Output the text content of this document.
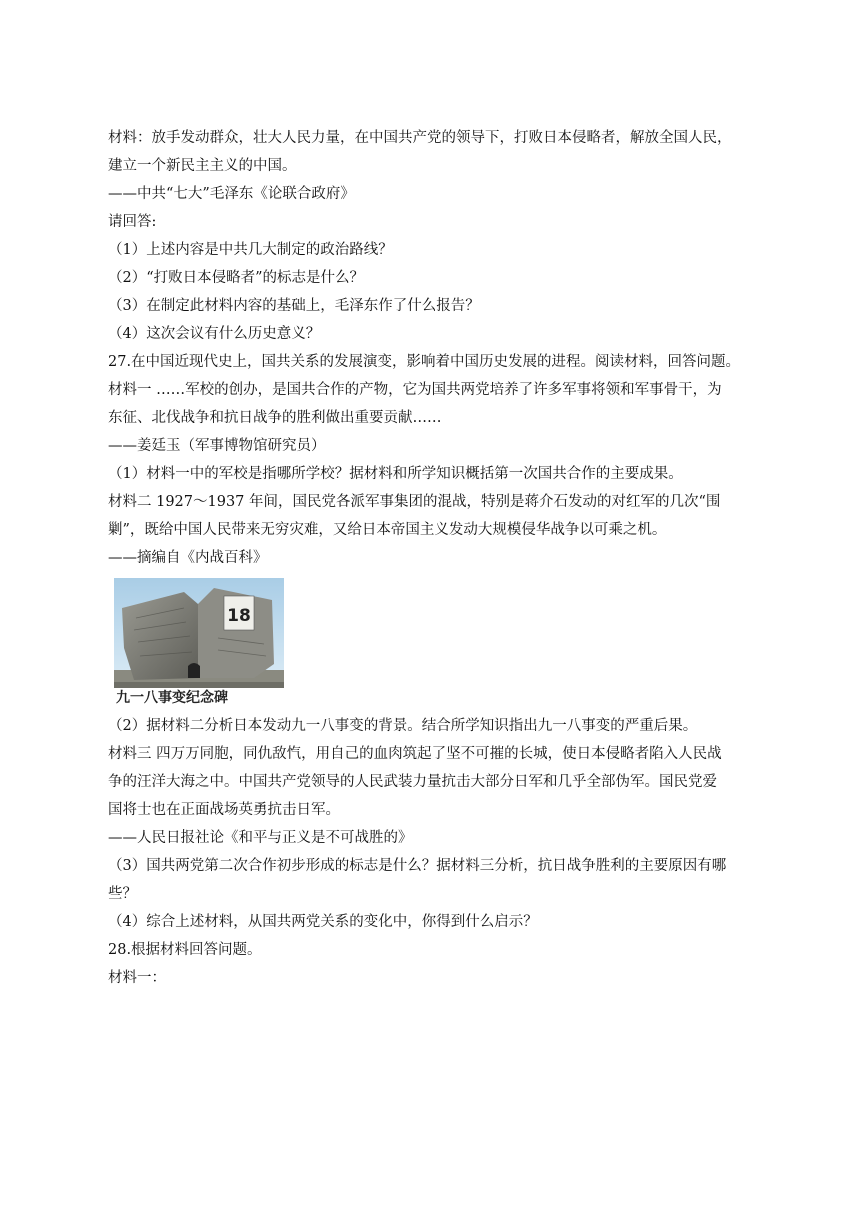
材料：放手发动群众，壮大人民力量，在中国共产党的领导下，打败日本侵略者，解放全国人民，
建立一个新民主主义的中国。
——中共“七大”毛泽东《论联合政府》
请回答:
（1）上述内容是中共几大制定的政治路线？
（2）“打败日本侵略者”的标志是什么？
（3）在制定此材料内容的基础上，毛泽东作了什么报告？
（4）这次会议有什么历史意义？
27.在中国近现代史上，国共关系的发展演变，影响着中国历史发展的进程。阅读材料，回答问题。
材料一 ……军校的创办，是国共合作的产物，它为国共两党培养了许多军事将领和军事骨干，为
东征、北伐战争和抗日战争的胜利做出重要贡献……
——姜廷玉（军事博物馆研究员）
（1）材料一中的军校是指哪所学校？据材料和所学知识概括第一次国共合作的主要成果。
材料二 1927～1937 年间，国民党各派军事集团的混战，特别是蒋介石发动的对红军的几次“围
剿”，既给中国人民带来无穷灾难，又给日本帝国主义发动大规模侵华战争以可乘之机。
——摘编自《内战百科》
18
九一八事变纪念碑
（2）据材料二分析日本发动九一八事变的背景。结合所学知识指出九一八事变的严重后果。
材料三 四万万同胞，同仇敌忾，用自己的血肉筑起了坚不可摧的长城，使日本侵略者陷入人民战
争的汪洋大海之中。中国共产党领导的人民武装力量抗击大部分日军和几乎全部伪军。国民党爱
国将士也在正面战场英勇抗击日军。
——人民日报社论《和平与正义是不可战胜的》
（3）国共两党第二次合作初步形成的标志是什么？据材料三分析，抗日战争胜利的主要原因有哪
些？
（4）综合上述材料，从国共两党关系的变化中，你得到什么启示？
28.根据材料回答问题。
材料一：
